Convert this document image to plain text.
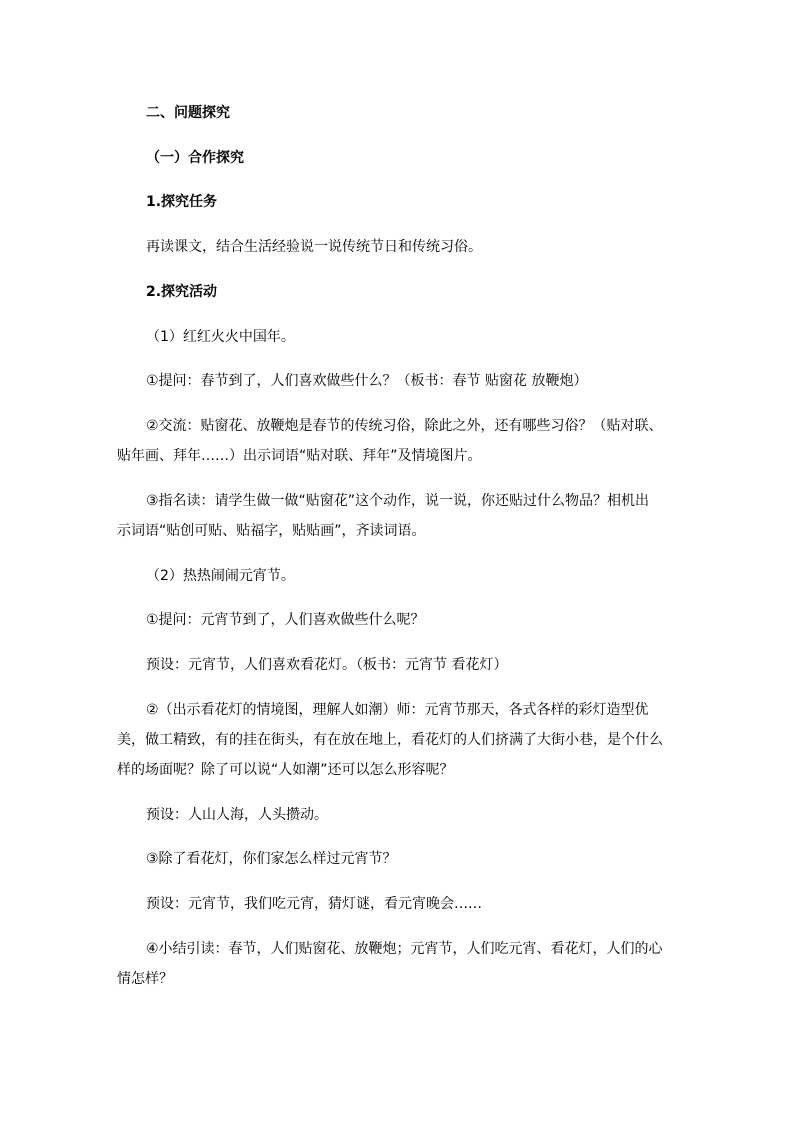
二、问题探究
（一）合作探究
1.探究任务
再读课文，结合生活经验说一说传统节日和传统习俗。
2.探究活动
（1）红红火火中国年。
①提问：春节到了，人们喜欢做些什么？（板书：春节 贴窗花 放鞭炮）
②交流：贴窗花、放鞭炮是春节的传统习俗，除此之外，还有哪些习俗？（贴对联、
贴年画、拜年……）出示词语“贴对联、拜年”及情境图片。
③指名读：请学生做一做“贴窗花”这个动作，说一说，你还贴过什么物品？相机出
示词语“贴创可贴、贴福字，贴贴画”，齐读词语。
（2）热热闹闹元宵节。
①提问：元宵节到了，人们喜欢做些什么呢？
预设：元宵节，人们喜欢看花灯。（板书：元宵节 看花灯）
②（出示看花灯的情境图，理解人如潮）师：元宵节那天，各式各样的彩灯造型优
美，做工精致，有的挂在街头，有在放在地上，看花灯的人们挤满了大街小巷，是个什么
样的场面呢？除了可以说“人如潮”还可以怎么形容呢？
预设：人山人海，人头攒动。
③除了看花灯，你们家怎么样过元宵节？
预设：元宵节，我们吃元宵，猜灯谜，看元宵晚会……
④小结引读：春节，人们贴窗花、放鞭炮；元宵节，人们吃元宵、看花灯，人们的心
情怎样？
